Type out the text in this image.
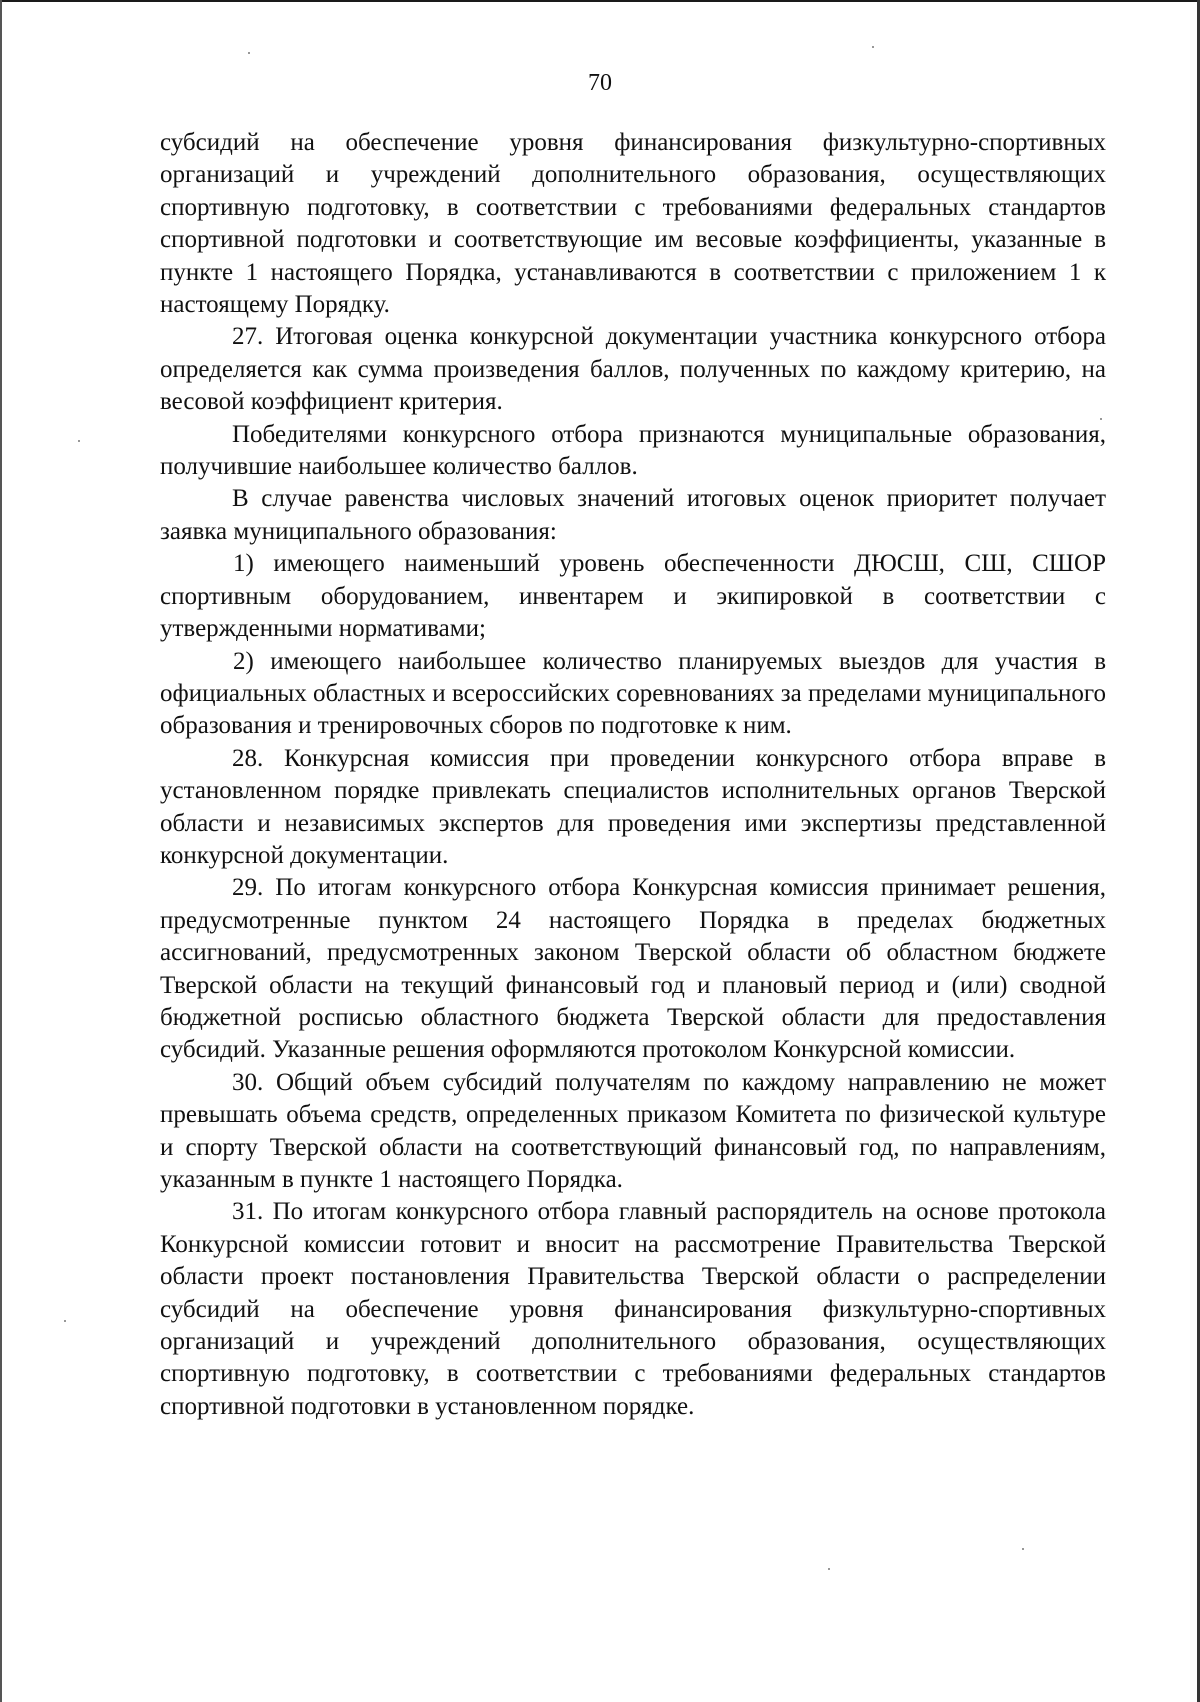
70

субсидий на обеспечение уровня финансирования физкультурно-спортивных организаций и учреждений дополнительного образования, осуществляющих спортивную подготовку, в соответствии с требованиями федеральных стандартов спортивной подготовки и соответствующие им весовые коэффициенты, указанные в пункте 1 настоящего Порядка, устанавливаются в соответствии с приложением 1 к настоящему Порядку.

27. Итоговая оценка конкурсной документации участника конкурсного отбора определяется как сумма произведения баллов, полученных по каждому критерию, на весовой коэффициент критерия.

Победителями конкурсного отбора признаются муниципальные образования, получившие наибольшее количество баллов.

В случае равенства числовых значений итоговых оценок приоритет получает заявка муниципального образования:

1) имеющего наименьший уровень обеспеченности ДЮСШ, СШ, СШОР спортивным оборудованием, инвентарем и экипировкой в соответствии с утвержденными нормативами;

2) имеющего наибольшее количество планируемых выездов для участия в официальных областных и всероссийских соревнованиях за пределами муниципального образования и тренировочных сборов по подготовке к ним.

28. Конкурсная комиссия при проведении конкурсного отбора вправе в установленном порядке привлекать специалистов исполнительных органов Тверской области и независимых экспертов для проведения ими экспертизы представленной конкурсной документации.

29. По итогам конкурсного отбора Конкурсная комиссия принимает решения, предусмотренные пунктом 24 настоящего Порядка в пределах бюджетных ассигнований, предусмотренных законом Тверской области об областном бюджете Тверской области на текущий финансовый год и плановый период и (или) сводной бюджетной росписью областного бюджета Тверской области для предоставления субсидий. Указанные решения оформляются протоколом Конкурсной комиссии.

30. Общий объем субсидий получателям по каждому направлению не может превышать объема средств, определенных приказом Комитета по физической культуре и спорту Тверской области на соответствующий финансовый год, по направлениям, указанным в пункте 1 настоящего Порядка.

31. По итогам конкурсного отбора главный распорядитель на основе протокола Конкурсной комиссии готовит и вносит на рассмотрение Правительства Тверской области проект постановления Правительства Тверской области о распределении субсидий на обеспечение уровня финансирования физкультурно-спортивных организаций и учреждений дополнительного образования, осуществляющих спортивную подготовку, в соответствии с требованиями федеральных стандартов спортивной подготовки в установленном порядке.
